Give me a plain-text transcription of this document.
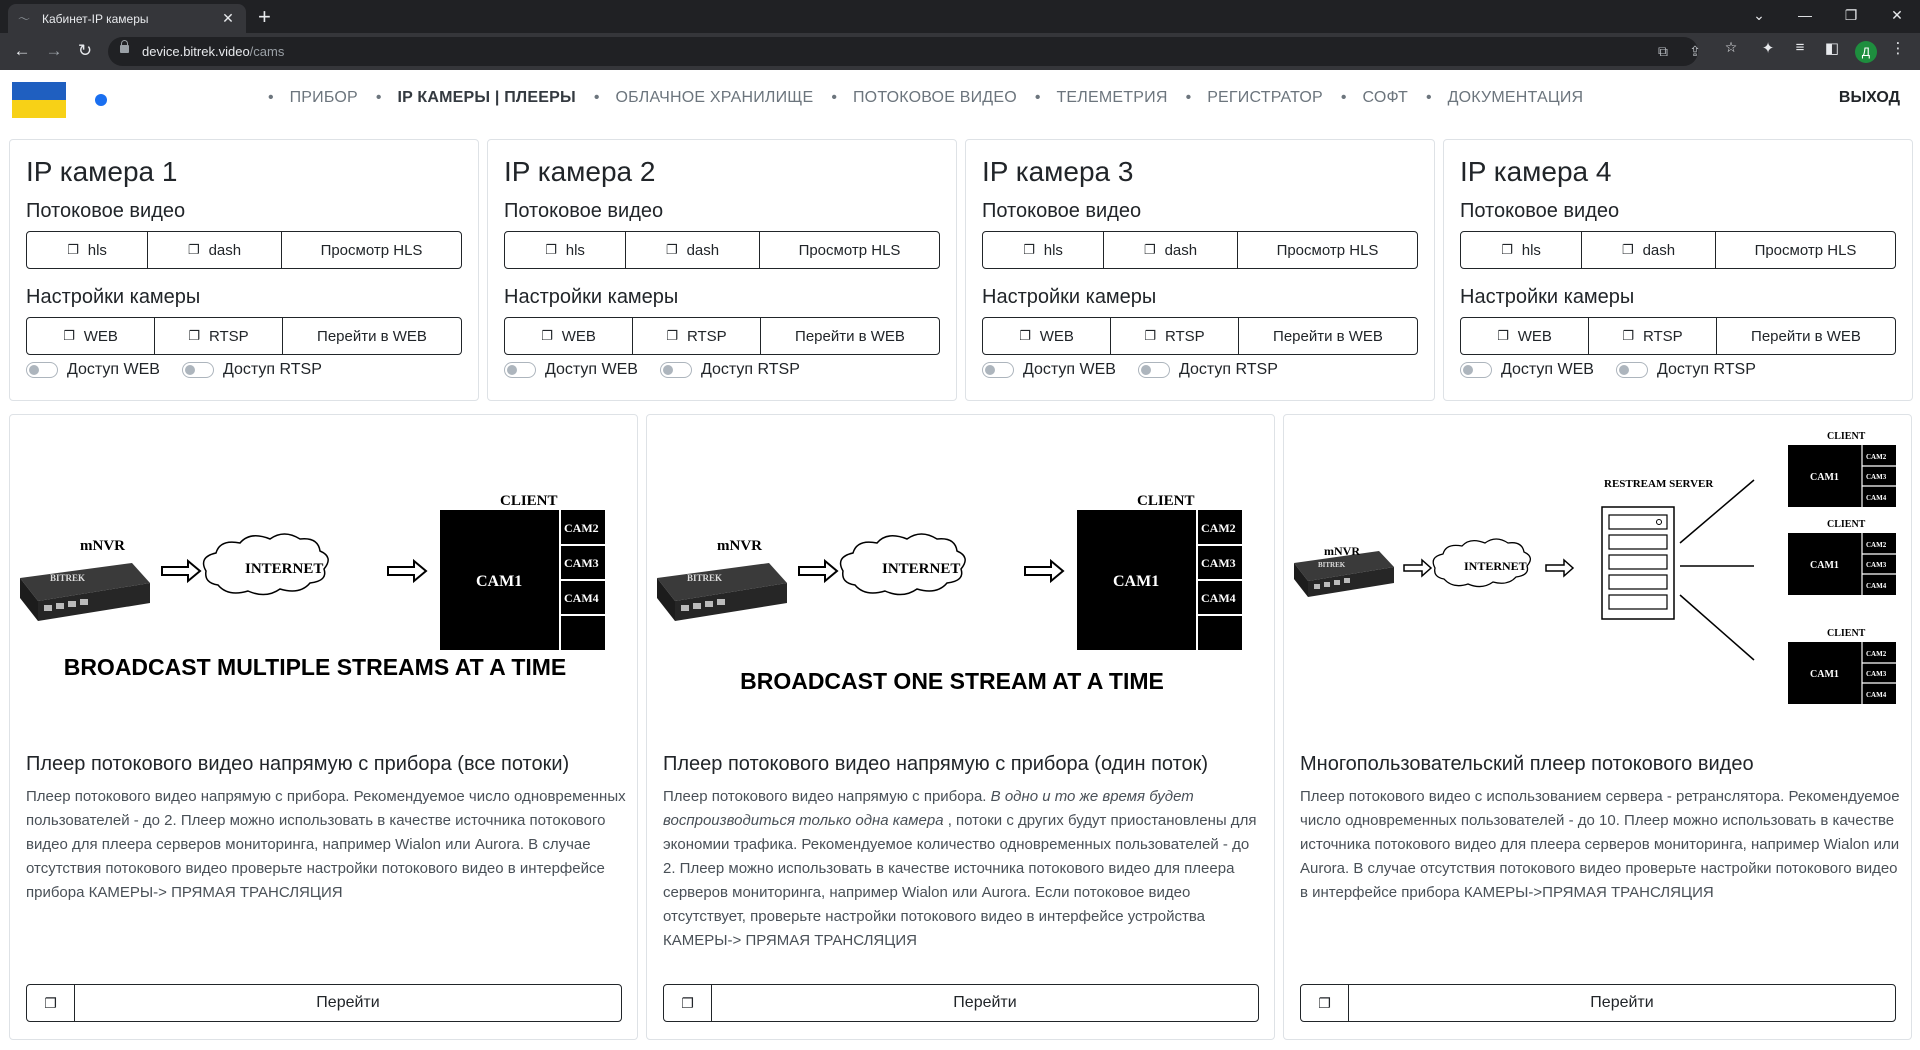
〜 Кабинет-IP камеры	✕ +	⌄	—	❐	✕
← → ↻	device.bitrek.video/cams	⧉ ⇪ ☆ ✦	≡	◧	Д	⋮
• ПРИБОР • IP КАМЕРЫ | ПЛЕЕРЫ • ОБЛАЧНОЕ ХРАНИЛИЩЕ • ПОТОКОВОЕ ВИДЕО • ТЕЛЕМЕТРИЯ • РЕГИСТРАТОР • СОФТ • ДОКУМЕНТАЦИЯ	ВЫХОД
IP камера 1
Потоковое видео
❐ hls	❐ dash	Просмотр HLS
Настройки камеры
❐ WEB	❐ RTSP	Перейти в WEB
Доступ WEB	Доступ RTSP
IP камера 2
Потоковое видео
❐ hls	❐ dash	Просмотр HLS
Настройки камеры
❐ WEB	❐ RTSP	Перейти в WEB
Доступ WEB	Доступ RTSP
IP камера 3
Потоковое видео
❐ hls	❐ dash	Просмотр HLS
Настройки камеры
❐ WEB	❐ RTSP	Перейти в WEB
Доступ WEB	Доступ RTSP
IP камера 4
Потоковое видео
❐ hls	❐ dash	Просмотр HLS
Настройки камеры
❐ WEB	❐ RTSP	Перейти в WEB
Доступ WEB	Доступ RTSP
BITREK
mNVR
INTERNET
CLIENT
CAM1
CAM2
CAM3
CAM4
BROADCAST MULTIPLE STREAMS AT A TIME
Плеер потокового видео напрямую с прибора (все потоки)
Плеер потокового видео напрямую с прибора. Рекомендуемое число одновременных пользователей - до 2. Плеер можно использовать в качестве источника потокового видео для плеера серверов мониторинга, например Wialon или Aurora. В случае отсутствия потокового видео проверьте настройки потокового видео в интерфейсе прибора КАМЕРЫ-> ПРЯМАЯ ТРАНСЛЯЦИЯ
❐	Перейти
BITREK
mNVR
INTERNET
CLIENT
CAM1
CAM2
CAM3
CAM4
BROADCAST ONE STREAM AT A TIME
Плеер потокового видео напрямую с прибора (один поток)
Плеер потокового видео напрямую с прибора. В одно и то же время будет воспроизводиться только одна камера , потоки с других будут приостановлены для экономии трафика. Рекомендуемое количество одновременных пользователей - до 2. Плеер можно использовать в качестве источника потокового видео для плеера серверов мониторинга, например Wialon или Aurora. Если потоковое видео отсутствует, проверьте настройки потокового видео в интерфейсе устройства КАМЕРЫ-> ПРЯМАЯ ТРАНСЛЯЦИЯ
❐	Перейти
BITREK
mNVR
INTERNET
RESTREAM SERVER
CLIENT
CAM1
CAM2
CAM3
CAM4
CLIENT
CAM1
CAM2
CAM3
CAM4
CLIENT
CAM1
CAM2
CAM3
CAM4
Многопользовательский плеер потокового видео
Плеер потокового видео с использованием сервера - ретранслятора. Рекомендуемое число одновременных пользователей - до 10. Плеер можно использовать в качестве источника потокового видео для плеера серверов мониторинга, например Wialon или Aurora. В случае отсутствия потокового видео проверьте настройки потокового видео в интерфейсе прибора КАМЕРЫ->ПРЯМАЯ ТРАНСЛЯЦИЯ
❐	Перейти
